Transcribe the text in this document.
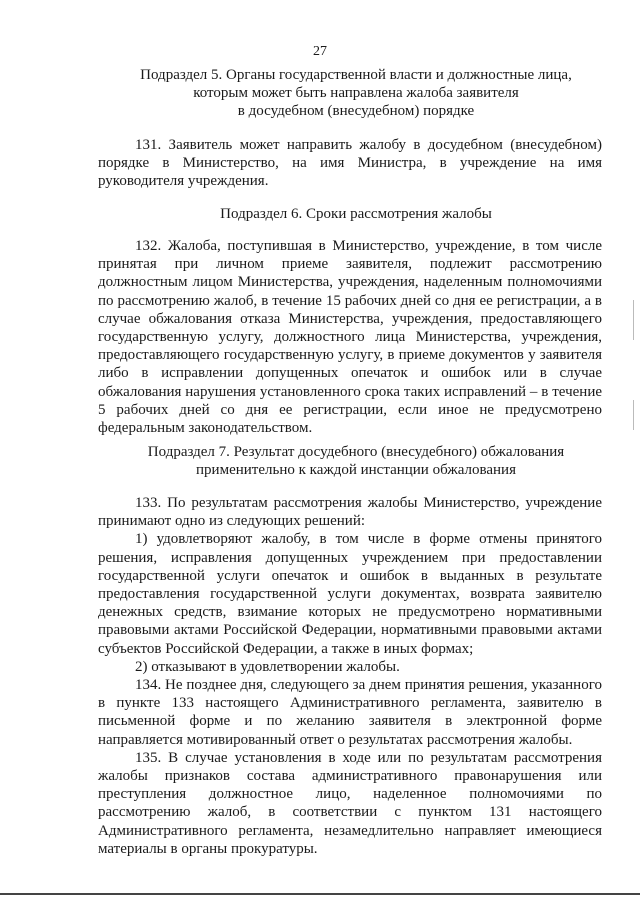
27
Подраздел 5. Органы государственной власти и должностные лица,
которым может быть направлена жалоба заявителя
в досудебном (внесудебном) порядке

131. Заявитель может направить жалобу в досудебном (внесудебном) порядке в Министерство, на имя Министра, в учреждение на имя руководителя учреждения.

Подраздел 6. Сроки рассмотрения жалобы

132. Жалоба, поступившая в Министерство, учреждение, в том числе принятая при личном приеме заявителя, подлежит рассмотрению должностным лицом Министерства, учреждения, наделенным полномочиями по рассмотрению жалоб, в течение 15 рабочих дней со дня ее регистрации, а в случае обжалования отказа Министерства, учреждения, предоставляющего государственную услугу, должностного лица Министерства, учреждения, предоставляющего государственную услугу, в приеме документов у заявителя либо в исправлении допущенных опечаток и ошибок или в случае обжалования нарушения установленного срока таких исправлений – в течение 5 рабочих дней со дня ее регистрации, если иное не предусмотрено федеральным законодательством.

Подраздел 7. Результат досудебного (внесудебного) обжалования
применительно к каждой инстанции обжалования

133. По результатам рассмотрения жалобы Министерство, учреждение принимают одно из следующих решений:

1) удовлетворяют жалобу, в том числе в форме отмены принятого решения, исправления допущенных учреждением при предоставлении государственной услуги опечаток и ошибок в выданных в результате предоставления государственной услуги документах, возврата заявителю денежных средств, взимание которых не предусмотрено нормативными правовыми актами Российской Федерации, нормативными правовыми актами субъектов Российской Федерации, а также в иных формах;

2) отказывают в удовлетворении жалобы.

134. Не позднее дня, следующего за днем принятия решения, указанного в пункте 133 настоящего Административного регламента, заявителю в письменной форме и по желанию заявителя в электронной форме направляется мотивированный ответ о результатах рассмотрения жалобы.

135. В случае установления в ходе или по результатам рассмотрения жалобы признаков состава административного правонарушения или преступления должностное лицо, наделенное полномочиями по рассмотрению жалоб, в соответствии с пунктом 131 настоящего Административного регламента, незамедлительно направляет имеющиеся материалы в органы прокуратуры.
